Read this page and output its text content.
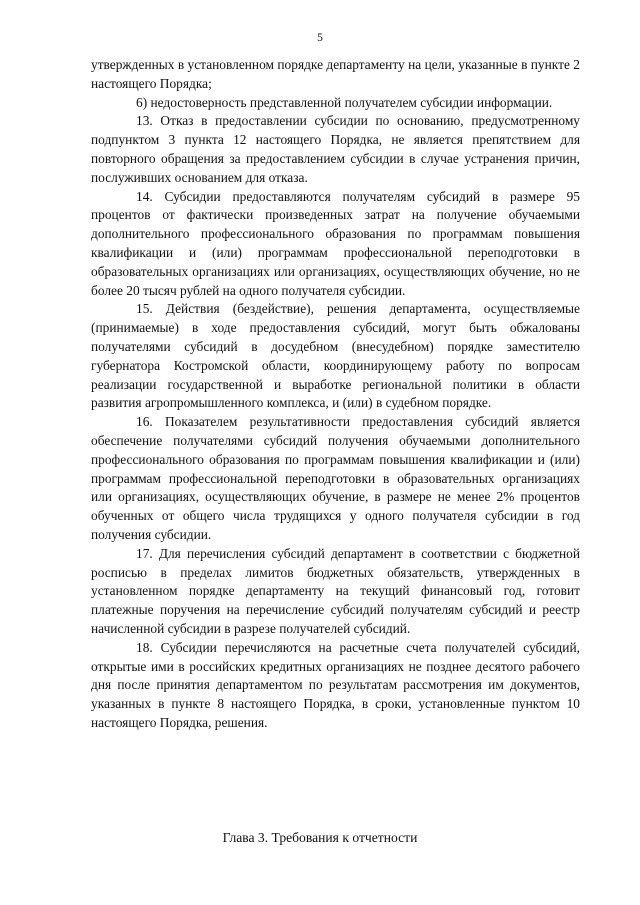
5

утвержденных в установленном порядке департаменту на цели, указанные в пункте 2 настоящего Порядка;

6) недостоверность представленной получателем субсидии информации.

13. Отказ в предоставлении субсидии по основанию, предусмотренному подпунктом 3 пункта 12 настоящего Порядка, не является препятствием для повторного обращения за предоставлением субсидии в случае устранения причин, послуживших основанием для отказа.

14. Субсидии предоставляются получателям субсидий в размере 95 процентов от фактически произведенных затрат на получение обучаемыми дополнительного профессионального образования по программам повышения квалификации и (или) программам профессиональной переподготовки в образовательных организациях или организациях, осуществляющих обучение, но не более 20 тысяч рублей на одного получателя субсидии.

15. Действия (бездействие), решения департамента, осуществляемые (принимаемые) в ходе предоставления субсидий, могут быть обжалованы получателями субсидий в досудебном (внесудебном) порядке заместителю губернатора Костромской области, координирующему работу по вопросам реализации государственной и выработке региональной политики в области развития агропромышленного комплекса, и (или) в судебном порядке.

16. Показателем результативности предоставления субсидий является обеспечение получателями субсидий получения обучаемыми дополнительного профессионального образования по программам повышения квалификации и (или) программам профессиональной переподготовки в образовательных организациях или организациях, осуществляющих обучение, в размере не менее 2% процентов обученных от общего числа трудящихся у одного получателя субсидии в год получения субсидии.

17. Для перечисления субсидий департамент в соответствии с бюджетной росписью в пределах лимитов бюджетных обязательств, утвержденных в установленном порядке департаменту на текущий финансовый год, готовит платежные поручения на перечисление субсидий получателям субсидий и реестр начисленной субсидии в разрезе получателей субсидий.

18. Субсидии перечисляются на расчетные счета получателей субсидий, открытые ими в российских кредитных организациях не позднее десятого рабочего дня после принятия департаментом по результатам рассмотрения им документов, указанных в пункте 8 настоящего Порядка, в сроки, установленные пунктом 10 настоящего Порядка, решения.

Глава 3. Требования к отчетности
